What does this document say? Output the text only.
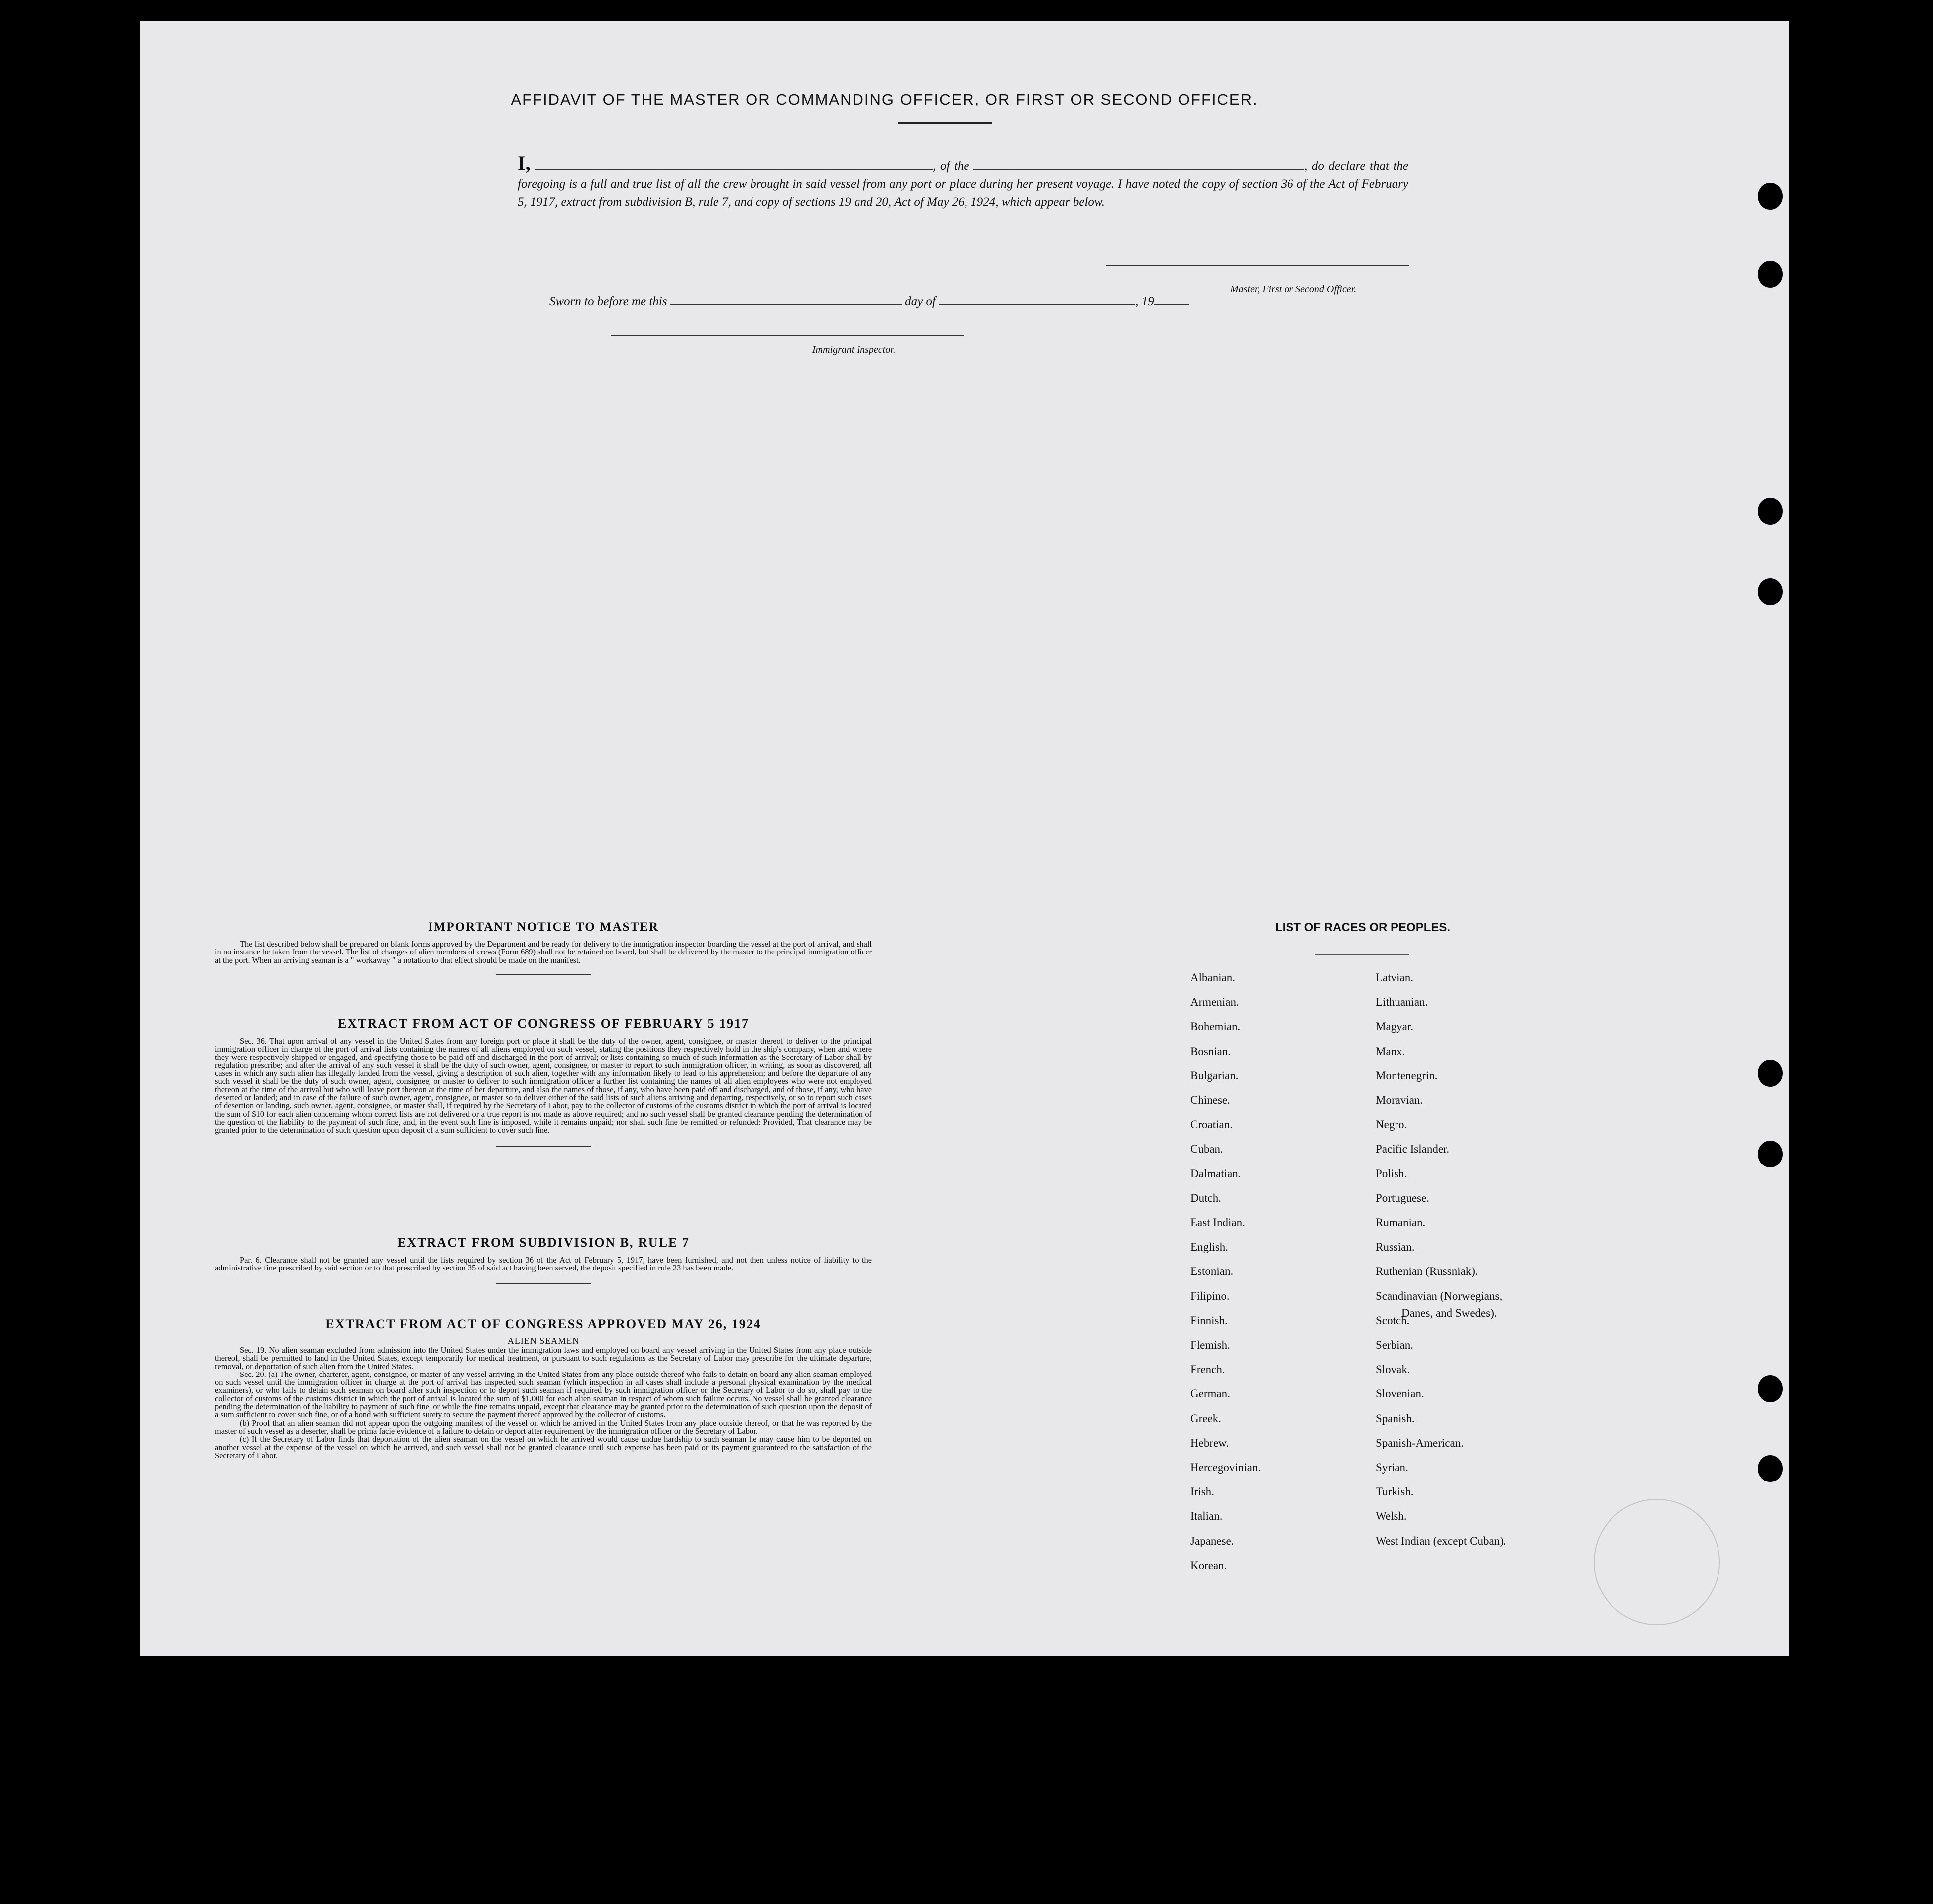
AFFIDAVIT OF THE MASTER OR COMMANDING OFFICER, OR FIRST OR SECOND OFFICER.
I,	, of the	, do declare that the foregoing is a full and true list of all the crew brought in said vessel from any port or place during her present voyage. I have noted the copy of section 36 of the Act of February 5, 1917, extract from subdivision B, rule 7, and copy of sections 19 and 20, Act of May 26, 1924, which appear below.
Master, First or Second Officer.
Sworn to before me this	day of	, 19
Immigrant Inspector.
IMPORTANT NOTICE TO MASTER

The list described below shall be prepared on blank forms approved by the Department and be ready for delivery to the immigration inspector boarding the vessel at the port of arrival, and shall in no instance be taken from the vessel. The list of changes of alien members of crews (Form 689) shall not be retained on board, but shall be delivered by the master to the principal immigration officer at the port. When an arriving seaman is a " workaway " a notation to that effect should be made on the manifest.

EXTRACT FROM ACT OF CONGRESS OF FEBRUARY 5 1917

Sec. 36. That upon arrival of any vessel in the United States from any foreign port or place it shall be the duty of the owner, agent, consignee, or master thereof to deliver to the principal immigration officer in charge of the port of arrival lists containing the names of all aliens employed on such vessel, stating the positions they respectively hold in the ship's company, when and where they were respectively shipped or engaged, and specifying those to be paid off and discharged in the port of arrival; or lists containing so much of such information as the Secretary of Labor shall by regulation prescribe; and after the arrival of any such vessel it shall be the duty of such owner, agent, consignee, or master to report to such immigration officer, in writing, as soon as discovered, all cases in which any such alien has illegally landed from the vessel, giving a description of such alien, together with any information likely to lead to his apprehension; and before the departure of any such vessel it shall be the duty of such owner, agent, consignee, or master to deliver to such immigration officer a further list containing the names of all alien employees who were not employed thereon at the time of the arrival but who will leave port thereon at the time of her departure, and also the names of those, if any, who have been paid off and discharged, and of those, if any, who have deserted or landed; and in case of the failure of such owner, agent, consignee, or master so to deliver either of the said lists of such aliens arriving and departing, respectively, or so to report such cases of desertion or landing, such owner, agent, consignee, or master shall, if required by the Secretary of Labor, pay to the collector of customs of the customs district in which the port of arrival is located the sum of $10 for each alien concerning whom correct lists are not delivered or a true report is not made as above required; and no such vessel shall be granted clearance pending the determination of the question of the liability to the payment of such fine, and, in the event such fine is imposed, while it remains unpaid; nor shall such fine be remitted or refunded: Provided, That clearance may be granted prior to the determination of such question upon deposit of a sum sufficient to cover such fine.

EXTRACT FROM SUBDIVISION B, RULE 7

Par. 6. Clearance shall not be granted any vessel until the lists required by section 36 of the Act of February 5, 1917, have been furnished, and not then unless notice of liability to the administrative fine prescribed by said section or to that prescribed by section 35 of said act having been served, the deposit specified in rule 23 has been made.

EXTRACT FROM ACT OF CONGRESS APPROVED MAY 26, 1924

ALIEN SEAMEN

Sec. 19. No alien seaman excluded from admission into the United States under the immigration laws and employed on board any vessel arriving in the United States from any place outside thereof, shall be permitted to land in the United States, except temporarily for medical treatment, or pursuant to such regulations as the Secretary of Labor may prescribe for the ultimate departure, removal, or deportation of such alien from the United States.

Sec. 20. (a) The owner, charterer, agent, consignee, or master of any vessel arriving in the United States from any place outside thereof who fails to detain on board any alien seaman employed on such vessel until the immigration officer in charge at the port of arrival has inspected such seaman (which inspection in all cases shall include a personal physical examination by the medical examiners), or who fails to detain such seaman on board after such inspection or to deport such seaman if required by such immigration officer or the Secretary of Labor to do so, shall pay to the collector of customs of the customs district in which the port of arrival is located the sum of $1,000 for each alien seaman in respect of whom such failure occurs. No vessel shall be granted clearance pending the determination of the liability to payment of such fine, or while the fine remains unpaid, except that clearance may be granted prior to the determination of such question upon the deposit of a sum sufficient to cover such fine, or of a bond with sufficient surety to secure the payment thereof approved by the collector of customs.

(b) Proof that an alien seaman did not appear upon the outgoing manifest of the vessel on which he arrived in the United States from any place outside thereof, or that he was reported by the master of such vessel as a deserter, shall be prima facie evidence of a failure to detain or deport after requirement by the immigration officer or the Secretary of Labor.

(c) If the Secretary of Labor finds that deportation of the alien seaman on the vessel on which he arrived would cause undue hardship to such seaman he may cause him to be deported on another vessel at the expense of the vessel on which he arrived, and such vessel shall not be granted clearance until such expense has been paid or its payment guaranteed to the satisfaction of the Secretary of Labor.

LIST OF RACES OR PEOPLES.
Albanian.
Armenian.
Bohemian.
Bosnian.
Bulgarian.
Chinese.
Croatian.
Cuban.
Dalmatian.
Dutch.
East Indian.
English.
Estonian.
Filipino.
Finnish.
Flemish.
French.
German.
Greek.
Hebrew.
Hercegovinian.
Irish.
Italian.
Japanese.
Korean.
Latvian.
Lithuanian.
Magyar.
Manx.
Montenegrin.
Moravian.
Negro.
Pacific Islander.
Polish.
Portuguese.
Rumanian.
Russian.
Ruthenian (Russniak).
Scandinavian (Norwegians,
Danes, and Swedes).
Scotch.
Serbian.
Slovak.
Slovenian.
Spanish.
Spanish-American.
Syrian.
Turkish.
Welsh.
West Indian (except Cuban).
